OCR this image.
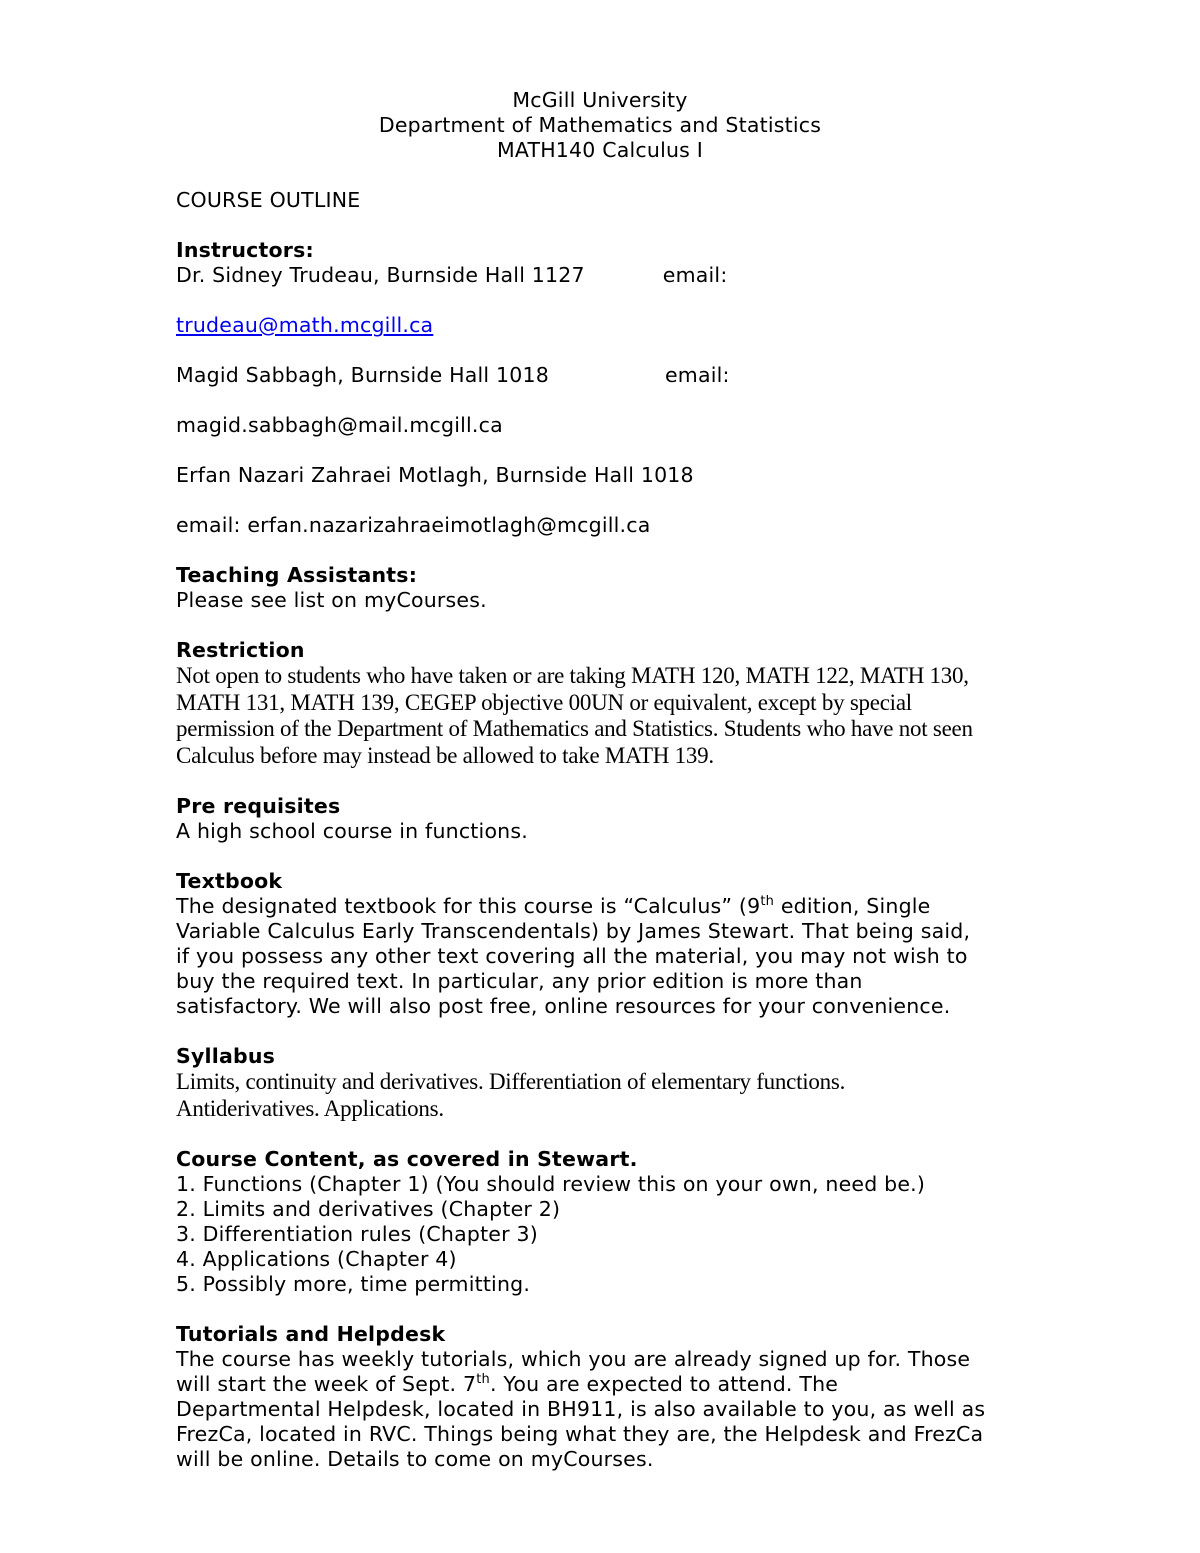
McGill University
Department of Mathematics and Statistics
MATH140 Calculus I
COURSE OUTLINE
Instructors:
Dr. Sidney Trudeau, Burnside Hall 1127	email:
trudeau@math.mcgill.ca
Magid Sabbagh, Burnside Hall 1018	email:
magid.sabbagh@mail.mcgill.ca
Erfan Nazari Zahraei Motlagh, Burnside Hall 1018
email: erfan.nazarizahraeimotlagh@mcgill.ca
Teaching Assistants:
Please see list on myCourses.
Restriction
Not open to students who have taken or are taking MATH 120, MATH 122, MATH 130,
MATH 131, MATH 139, CEGEP objective 00UN or equivalent, except by special
permission of the Department of Mathematics and Statistics. Students who have not seen
Calculus before may instead be allowed to take MATH 139.
Pre requisites
A high school course in functions.
Textbook
The designated textbook for this course is “Calculus” (9th edition, Single
Variable Calculus Early Transcendentals) by James Stewart. That being said,
if you possess any other text covering all the material, you may not wish to
buy the required text. In particular, any prior edition is more than
satisfactory. We will also post free, online resources for your convenience.
Syllabus
Limits, continuity and derivatives. Differentiation of elementary functions.
Antiderivatives. Applications.
Course Content, as covered in Stewart.
1. Functions (Chapter 1) (You should review this on your own, need be.)
2. Limits and derivatives (Chapter 2)
3. Differentiation rules (Chapter 3)
4. Applications (Chapter 4)
5. Possibly more, time permitting.
Tutorials and Helpdesk
The course has weekly tutorials, which you are already signed up for. Those
will start the week of Sept. 7th. You are expected to attend. The
Departmental Helpdesk, located in BH911, is also available to you, as well as
FrezCa, located in RVC. Things being what they are, the Helpdesk and FrezCa
will be online. Details to come on myCourses.
